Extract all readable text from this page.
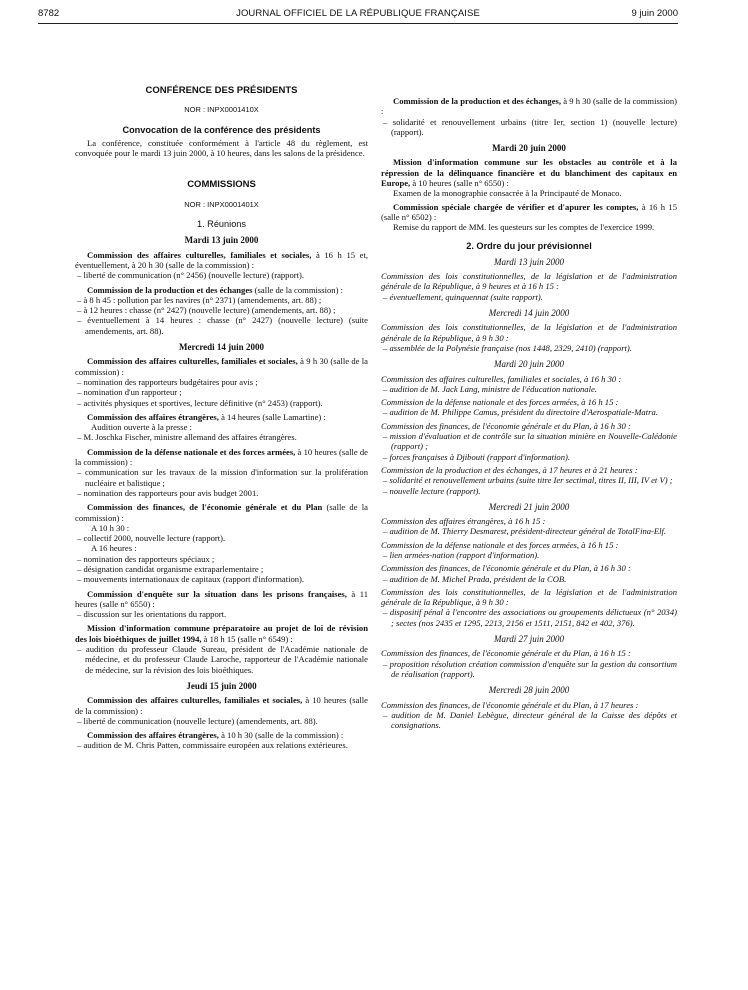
8782	JOURNAL OFFICIEL DE LA RÉPUBLIQUE FRANÇAISE	9 juin 2000

CONFÉRENCE DES PRÉSIDENTS

NOR : INPX0001410X

Convocation de la conférence des présidents

La conférence, constituée conformément à l'article 48 du règlement, est convoquée pour le mardi 13 juin 2000, à 10 heures, dans les salons de la présidence.

COMMISSIONS

NOR : INPX0001401X

1. Réunions

Mardi 13 juin 2000

Commission des affaires culturelles, familiales et sociales, à 16 h 15 et, éventuellement, à 20 h 30 (salle de la commission) :

– liberté de communication (n° 2456) (nouvelle lecture) (rapport).

Commission de la production et des échanges (salle de la commission) :

– à 8 h 45 : pollution par les navires (n° 2371) (amendements, art. 88) ;

– à 12 heures : chasse (n° 2427) (nouvelle lecture) (amendements, art. 88) ;

– éventuellement à 14 heures : chasse (n° 2427) (nouvelle lecture) (suite amendements, art. 88).

Mercredi 14 juin 2000

Commission des affaires culturelles, familiales et sociales, à 9 h 30 (salle de la commission) :

– nomination des rapporteurs budgétaires pour avis ;

– nomination d'un rapporteur ;

– activités physiques et sportives, lecture définitive (n° 2453) (rapport).

Commission des affaires étrangères, à 14 heures (salle Lamartine) :

Audition ouverte à la presse :

– M. Joschka Fischer, ministre allemand des affaires étrangères.

Commission de la défense nationale et des forces armées, à 10 heures (salle de la commission) :

– communication sur les travaux de la mission d'information sur la prolifération nucléaire et balistique ;

– nomination des rapporteurs pour avis budget 2001.

Commission des finances, de l'économie générale et du Plan (salle de la commission) :

A 10 h 30 :

– collectif 2000, nouvelle lecture (rapport).

A 16 heures :

– nomination des rapporteurs spéciaux ;

– désignation candidat organisme extraparlementaire ;

– mouvements internationaux de capitaux (rapport d'information).

Commission d'enquête sur la situation dans les prisons françaises, à 11 heures (salle n° 6550) :

– discussion sur les orientations du rapport.

Mission d'information commune préparatoire au projet de loi de révision des lois bioéthiques de juillet 1994, à 18 h 15 (salle n° 6549) :

– audition du professeur Claude Sureau, président de l'Académie nationale de médecine, et du professeur Claude Laroche, rapporteur de l'Académie nationale de médecine, sur la révision des lois bioéthiques.

Jeudi 15 juin 2000

Commission des affaires culturelles, familiales et sociales, à 10 heures (salle de la commission) :

– liberté de communication (nouvelle lecture) (amendements, art. 88).

Commission des affaires étrangères, à 10 h 30 (salle de la commission) :

– audition de M. Chris Patten, commissaire européen aux relations extérieures.

Commission de la production et des échanges, à 9 h 30 (salle de la commission) :

– solidarité et renouvellement urbains (titre Ier, section 1) (nouvelle lecture) (rapport).

Mardi 20 juin 2000

Mission d'information commune sur les obstacles au contrôle et à la répression de la délinquance financière et du blanchiment des capitaux en Europe, à 10 heures (salle n° 6550) :

Examen de la monographie consacrée à la Principauté de Monaco.

Commission spéciale chargée de vérifier et d'apurer les comptes, à 16 h 15 (salle n° 6502) :

Remise du rapport de MM. les questeurs sur les comptes de l'exercice 1999.

2. Ordre du jour prévisionnel

Mardi 13 juin 2000

Commission des lois constitutionnelles, de la législation et de l'administration générale de la République, à 9 heures et à 16 h 15 :

– éventuellement, quinquennat (suite rapport).

Mercredi 14 juin 2000

Commission des lois constitutionnelles, de la législation et de l'administration générale de la République, à 9 h 30 :

– assemblée de la Polynésie française (nos 1448, 2329, 2410) (rapport).

Mardi 20 juin 2000

Commission des affaires culturelles, familiales et sociales, à 16 h 30 :

– audition de M. Jack Lang, ministre de l'éducation nationale.

Commission de la défense nationale et des forces armées, à 16 h 15 :

– audition de M. Philippe Camus, président du directoire d'Aerospatiale-Matra.

Commission des finances, de l'économie générale et du Plan, à 16 h 30 :

– mission d'évaluation et de contrôle sur la situation minière en Nouvelle-Calédonie (rapport) ;

– forces françaises à Djibouti (rapport d'information).

Commission de la production et des échanges, à 17 heures et à 21 heures :

– solidarité et renouvellement urbains (suite titre Ier sectimal, titres II, III, IV et V) ;

– nouvelle lecture (rapport).

Mercredi 21 juin 2000

Commission des affaires étrangères, à 16 h 15 :

– audition de M. Thierry Desmarest, président-directeur général de TotalFina-Elf.

Commission de la défense nationale et des forces armées, à 16 h 15 :

– lien armées-nation (rapport d'information).

Commission des finances, de l'économie générale et du Plan, à 16 h 30 :

– audition de M. Michel Prada, président de la COB.

Commission des lois constitutionnelles, de la législation et de l'administration générale de la République, à 9 h 30 :

– dispositif pénal à l'encontre des associations ou groupements délictueux (n° 2034) ; sectes (nos 2435 et 1295, 2213, 2156 et 1511, 2151, 842 et 402, 376).

Mardi 27 juin 2000

Commission des finances, de l'économie générale et du Plan, à 16 h 15 :

– proposition résolution création commission d'enquête sur la gestion du consortium de réalisation (rapport).

Mercredi 28 juin 2000

Commission des finances, de l'économie générale et du Plan, à 17 heures :

– audition de M. Daniel Lebègue, directeur général de la Caisse des dépôts et consignations.
